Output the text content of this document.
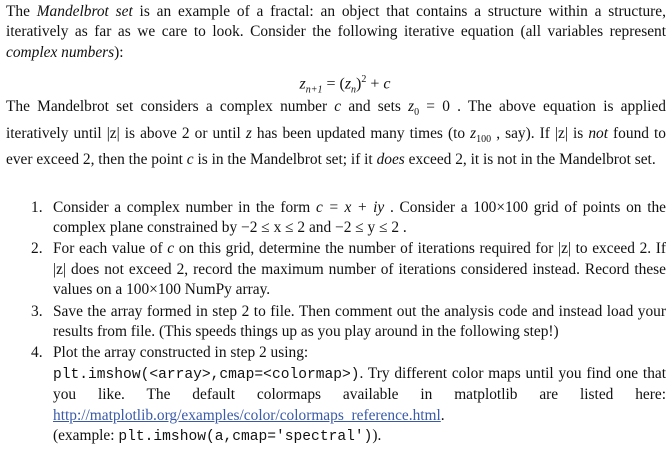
The Mandelbrot set is an example of a fractal: an object that contains a structure within a structure, iteratively as far as we care to look. Consider the following iterative equation (all variables represent complex numbers):

$z_{n+1} = (z_n)^2 + c$

The Mandelbrot set considers a complex number c and sets $z_0 = 0$ . The above equation is applied iteratively until |z| is above 2 or until z has been updated many times (to $z_{100}$ , say). If |z| is not found to ever exceed 2, then the point c is in the Mandelbrot set; if it does exceed 2, it is not in the Mandelbrot set.

1. Consider a complex number in the form c = x + iy . Consider a 100×100 grid of points on the complex plane constrained by −2 ≤ x ≤ 2 and −2 ≤ y ≤ 2 .
2. For each value of c on this grid, determine the number of iterations required for |z| to exceed 2. If |z| does not exceed 2, record the maximum number of iterations considered instead. Record these values on a 100×100 NumPy array.
3. Save the array formed in step 2 to file. Then comment out the analysis code and instead load your results from file. (This speeds things up as you play around in the following step!)
4. Plot the array constructed in step 2 using:
plt.imshow(<array>,cmap=<colormap>). Try different color maps until you find one that you like. The default colormaps available in matplotlib are listed here: http://matplotlib.org/examples/color/colormaps_reference.html.
(example: plt.imshow(a,cmap='spectral')).
